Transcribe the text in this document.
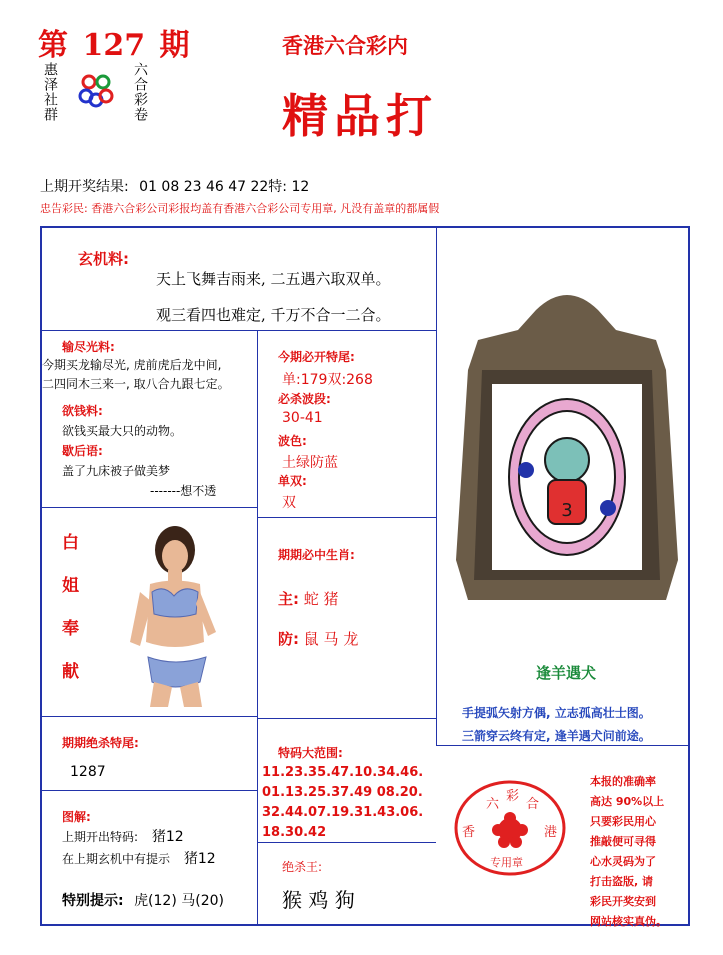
第 127 期
惠泽社群	六合彩卷
香港六合彩内
精品打
上期开奖结果: 01 08 23 46 47 22特: 12
忠告彩民: 香港六合彩公司彩报均盖有香港六合彩公司专用章, 凡没有盖章的都属假
玄机料:
天上飞舞吉雨来, 二五遇六取双单。
观三看四也难定, 千万不合一二合。
输尽光料:
今期买龙输尽光, 虎前虎后龙中间,
二四同木三来一, 取八合九跟七定。
欲钱料:
欲钱买最大只的动物。
歇后语:
盖了九床被子做美梦
-------想不透
白姐奉献
今期必开特尾:
单:179双:268
必杀波段:
30-41
波色:
土绿防蓝
单双:
双
期期必中生肖:
主: 蛇 猪
防: 鼠 马 龙
3
逢羊遇犬
手提弧矢射方偶, 立志孤高壮士图。
三箭穿云终有定, 逢羊遇犬问前途。
期期绝杀特尾:
1287
特码大范围:
11.23.35.47.10.34.46.
01.13.25.37.49 08.20.
32.44.07.19.31.43.06.
18.30.42
图解:
上期开出特码: 猪12
在上期玄机中有提示 猪12
特别提示: 虎(12) 马(20)
绝杀王:
猴 鸡 狗
六
彩
合
香	港
专用章
本报的准确率
高达 90%以上
只要彩民用心
推敲便可寻得
心水灵码为了
打击盗版, 请
彩民开奖安到
网站核实真伪。
